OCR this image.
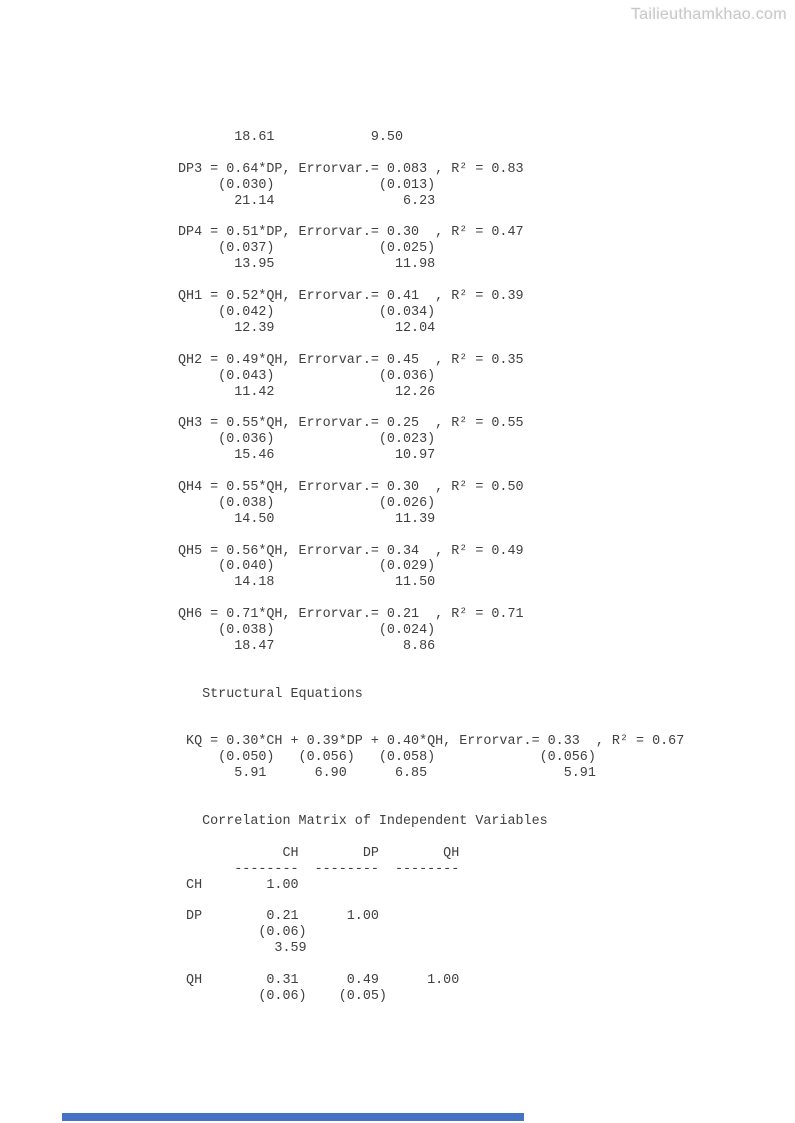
Tailieuthamkhao.com
18.61            9.50

DP3 = 0.64*DP, Errorvar.= 0.083 , R² = 0.83
(0.030)             (0.013)
21.14                6.23

DP4 = 0.51*DP, Errorvar.= 0.30  , R² = 0.47
(0.037)             (0.025)
13.95               11.98

QH1 = 0.52*QH, Errorvar.= 0.41  , R² = 0.39
(0.042)             (0.034)
12.39               12.04

QH2 = 0.49*QH, Errorvar.= 0.45  , R² = 0.35
(0.043)             (0.036)
11.42               12.26

QH3 = 0.55*QH, Errorvar.= 0.25  , R² = 0.55
(0.036)             (0.023)
15.46               10.97

QH4 = 0.55*QH, Errorvar.= 0.30  , R² = 0.50
(0.038)             (0.026)
14.50               11.39

QH5 = 0.56*QH, Errorvar.= 0.34  , R² = 0.49
(0.040)             (0.029)
14.18               11.50

QH6 = 0.71*QH, Errorvar.= 0.21  , R² = 0.71
(0.038)             (0.024)
18.47                8.86

Structural Equations

KQ = 0.30*CH + 0.39*DP + 0.40*QH, Errorvar.= 0.33  , R² = 0.67
(0.050)   (0.056)   (0.058)             (0.056)
5.91      6.90      6.85                 5.91

Correlation Matrix of Independent Variables

CH        DP        QH
--------  --------  --------
CH        1.00

DP        0.21      1.00
(0.06)
3.59

QH        0.31      0.49      1.00
(0.06)    (0.05)
